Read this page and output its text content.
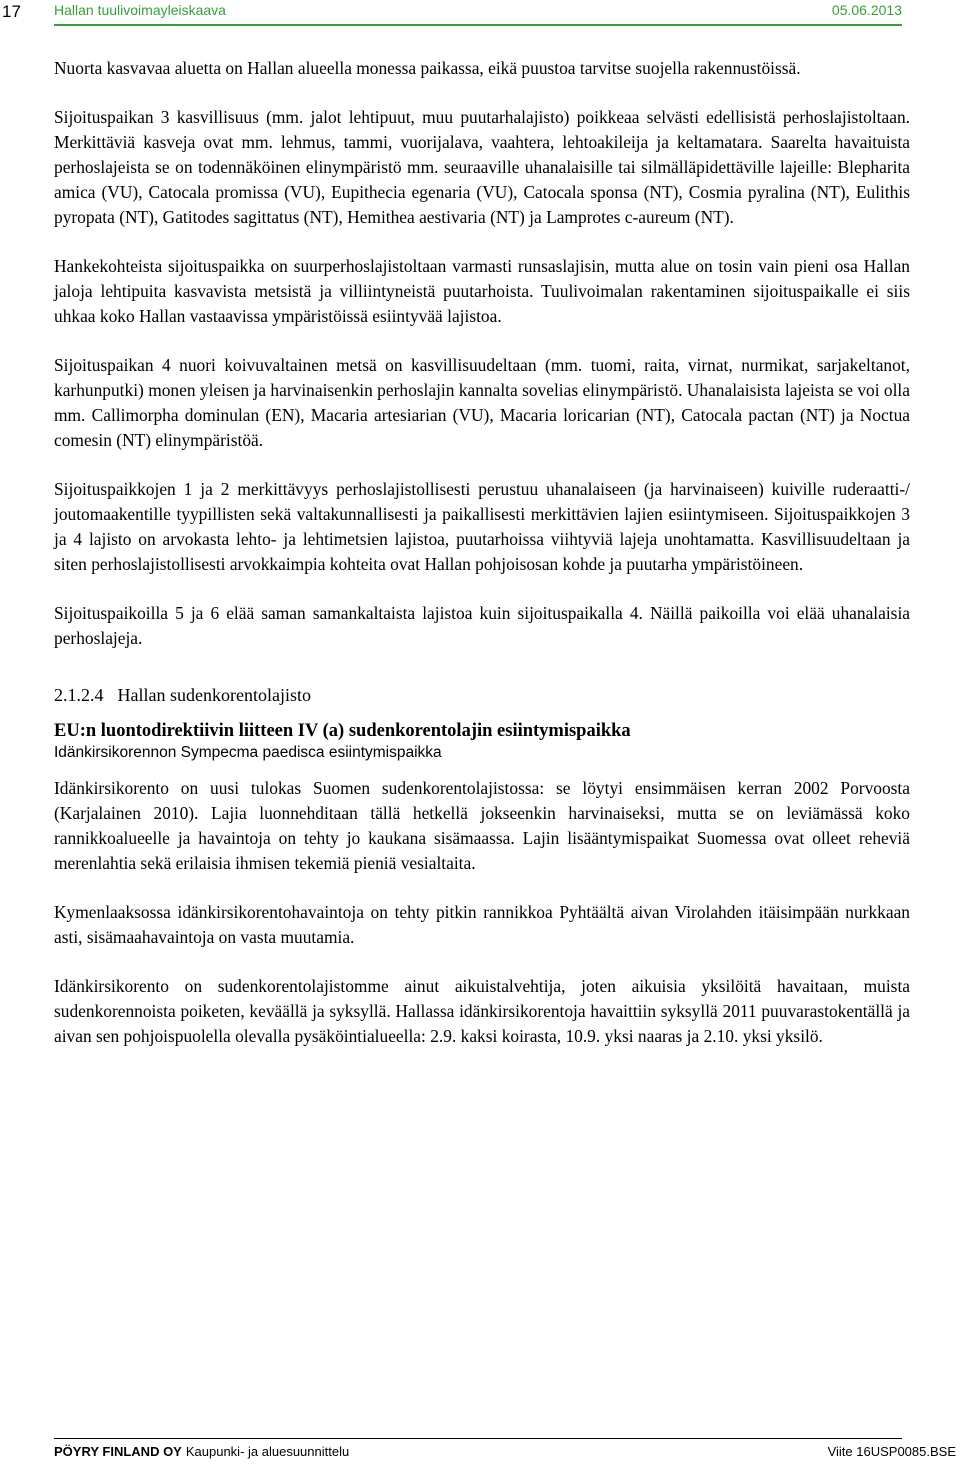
17 Hallan tuulivoimayleiskaava	05.06.2013

Nuorta kasvavaa aluetta on Hallan alueella monessa paikassa, eikä puustoa tarvitse suojella rakennustöissä.

Sijoituspaikan 3 kasvillisuus (mm. jalot lehtipuut, muu puutarhalajisto) poikkeaa selvästi edellisistä perhoslajistoltaan. Merkittäviä kasveja ovat mm. lehmus, tammi, vuorijalava, vaahtera, lehtoakileija ja keltamatara. Saarelta havaituista perhoslajeista se on todennäköinen elinympäristö mm. seuraaville uhanalaisille tai silmälläpidettäville lajeille: Blepharita amica (VU), Catocala promissa (VU), Eupithecia egenaria (VU), Catocala sponsa (NT), Cosmia pyralina (NT), Eulithis pyropata (NT), Gatitodes sagittatus (NT), Hemithea aestivaria (NT) ja Lamprotes c-aureum (NT).

Hankekohteista sijoituspaikka on suurperhoslajistoltaan varmasti runsaslajisin, mutta alue on tosin vain pieni osa Hallan jaloja lehtipuita kasvavista metsistä ja villiintyneistä puutarhoista. Tuulivoimalan rakentaminen sijoituspaikalle ei siis uhkaa koko Hallan vastaavissa ympäristöissä esiintyvää lajistoa.

Sijoituspaikan 4 nuori koivuvaltainen metsä on kasvillisuudeltaan (mm. tuomi, raita, virnat, nurmikat, sarjakeltanot, karhunputki) monen yleisen ja harvinaisenkin perhoslajin kannalta sovelias elinympäristö. Uhanalaisista lajeista se voi olla mm. Callimorpha dominulan (EN), Macaria artesiarian (VU), Macaria loricarian (NT), Catocala pactan (NT) ja Noctua comesin (NT) elinympäristöä.

Sijoituspaikkojen 1 ja 2 merkittävyys perhoslajistollisesti perustuu uhanalaiseen (ja harvinaiseen) kuiville ruderaatti-/ joutomaakentille tyypillisten sekä valtakunnallisesti ja paikallisesti merkittävien lajien esiintymiseen. Sijoituspaikkojen 3 ja 4 lajisto on arvokasta lehto- ja lehtimetsien lajistoa, puutarhoissa viihtyviä lajeja unohtamatta. Kasvillisuudeltaan ja siten perhoslajistollisesti arvokkaimpia kohteita ovat Hallan pohjoisosan kohde ja puutarha ympäristöineen.

Sijoituspaikoilla 5 ja 6 elää saman samankaltaista lajistoa kuin sijoituspaikalla 4. Näillä paikoilla voi elää uhanalaisia perhoslajeja.

2.1.2.4 Hallan sudenkorentolajisto
EU:n luontodirektiivin liitteen IV (a) sudenkorentolajin esiintymispaikka
Idänkirsikorennon Sympecma paedisca esiintymispaikka

Idänkirsikorento on uusi tulokas Suomen sudenkorentolajistossa: se löytyi ensimmäisen kerran 2002 Porvoosta (Karjalainen 2010). Lajia luonnehditaan tällä hetkellä jokseenkin harvinaiseksi, mutta se on leviämässä koko rannikkoalueelle ja havaintoja on tehty jo kaukana sisämaassa. Lajin lisääntymispaikat Suomessa ovat olleet reheviä merenlahtia sekä erilaisia ihmisen tekemiä pieniä vesialtaita.

Kymenlaaksossa idänkirsikorentohavaintoja on tehty pitkin rannikkoa Pyhtäältä aivan Virolahden itäisimpään nurkkaan asti, sisämaahavaintoja on vasta muutamia.

Idänkirsikorento on sudenkorentolajistomme ainut aikuistalvehtija, joten aikuisia yksilöitä havaitaan, muista sudenkorennoista poiketen, keväällä ja syksyllä. Hallassa idänkirsikorentoja havaittiin syksyllä 2011 puuvarastokentällä ja aivan sen pohjoispuolella olevalla pysäköintialueella: 2.9. kaksi koirasta, 10.9. yksi naaras ja 2.10. yksi yksilö.

PÖYRY FINLAND OY Kaupunki- ja aluesuunnittelu	Viite 16USP0085.BSE
